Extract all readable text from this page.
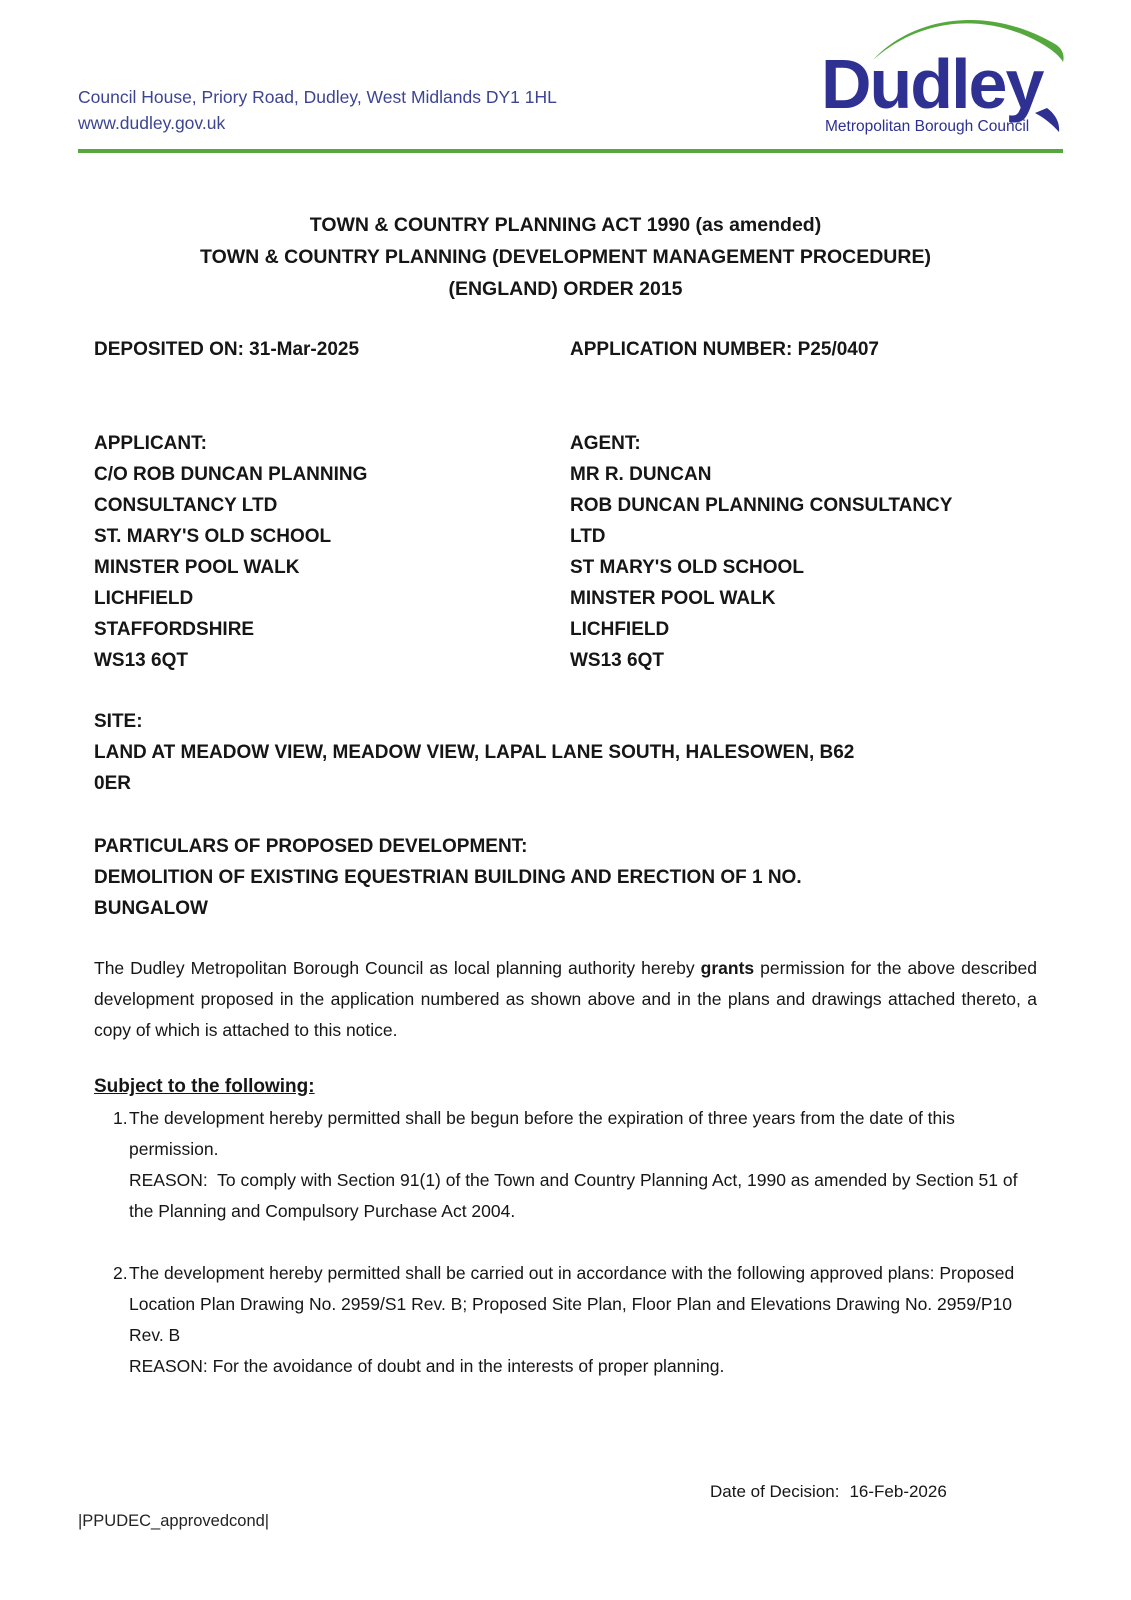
Council House, Priory Road, Dudley, West Midlands DY1 1HL
www.dudley.gov.uk	Dudley
Metropolitan Borough Council
TOWN & COUNTRY PLANNING ACT 1990 (as amended)
TOWN & COUNTRY PLANNING (DEVELOPMENT MANAGEMENT PROCEDURE)
(ENGLAND) ORDER 2015
DEPOSITED ON: 31-Mar-2025	APPLICATION NUMBER: P25/0407
APPLICANT:
C/O ROB DUNCAN PLANNING
CONSULTANCY LTD
ST. MARY'S OLD SCHOOL
MINSTER POOL WALK
LICHFIELD
STAFFORDSHIRE
WS13 6QT
AGENT:
MR R. DUNCAN
ROB DUNCAN PLANNING CONSULTANCY
LTD
ST MARY'S OLD SCHOOL
MINSTER POOL WALK
LICHFIELD
WS13 6QT
SITE:
LAND AT MEADOW VIEW, MEADOW VIEW, LAPAL LANE SOUTH, HALESOWEN, B62
0ER
PARTICULARS OF PROPOSED DEVELOPMENT:
DEMOLITION OF EXISTING EQUESTRIAN BUILDING AND ERECTION OF 1 NO.
BUNGALOW

The Dudley Metropolitan Borough Council as local planning authority hereby grants permission for the above described development proposed in the application numbered as shown above and in the plans and drawings attached thereto, a copy of which is attached to this notice.

Subject to the following:
1. The development hereby permitted shall be begun before the expiration of three years from the date of this permission.
REASON:  To comply with Section 91(1) of the Town and Country Planning Act, 1990 as amended by Section 51 of the Planning and Compulsory Purchase Act 2004.
2. The development hereby permitted shall be carried out in accordance with the following approved plans: Proposed Location Plan Drawing No. 2959/S1 Rev. B; Proposed Site Plan, Floor Plan and Elevations Drawing No. 2959/P10 Rev. B
REASON: For the avoidance of doubt and in the interests of proper planning.
Date of Decision: 16-Feb-2026
|PPUDEC_approvedcond|
